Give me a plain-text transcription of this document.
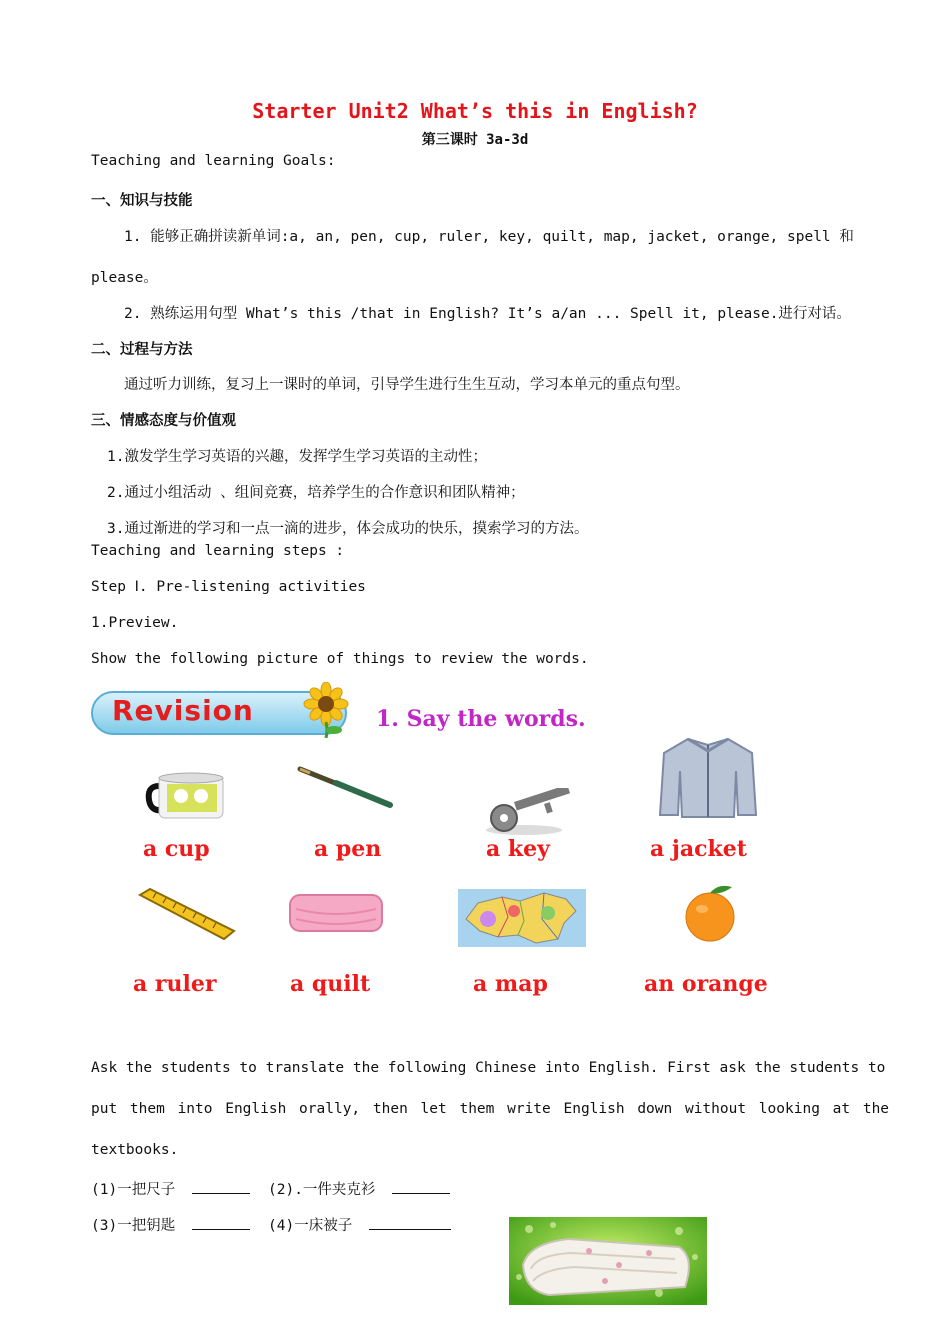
Starter Unit2 What’s this in English?
第三课时 3a-3d
Teaching and learning Goals:
一、知识与技能
1. 能够正确拼读新单词:a, an, pen, cup, ruler, key, quilt, map, jacket, orange, spell 和
please。
2. 熟练运用句型 What’s this /that in English? It’s a/an ... Spell it, please.进行对话。
二、过程与方法
通过听力训练，复习上一课时的单词，引导学生进行生生互动，学习本单元的重点句型。
三、情感态度与价值观
1.激发学生学习英语的兴趣，发挥学生学习英语的主动性；
2.通过小组活动 、组间竞赛，培养学生的合作意识和团队精神；
3.通过渐进的学习和一点一滴的进步，体会成功的快乐，摸索学习的方法。
Teaching and learning steps :
Step Ⅰ. Pre-listening activities
1.Preview.
Show the following picture of things to review the words.
Revision	1. Say the words.
a cup	a pen	a key	a jacket
a ruler	a quilt	a map	an orange
Ask the students to translate the following Chinese into English. First ask the students to
put them into English orally, then let them write English down without looking at the
textbooks.
(1)一把尺子	(2).一件夹克衫
(3)一把钥匙	(4)一床被子
